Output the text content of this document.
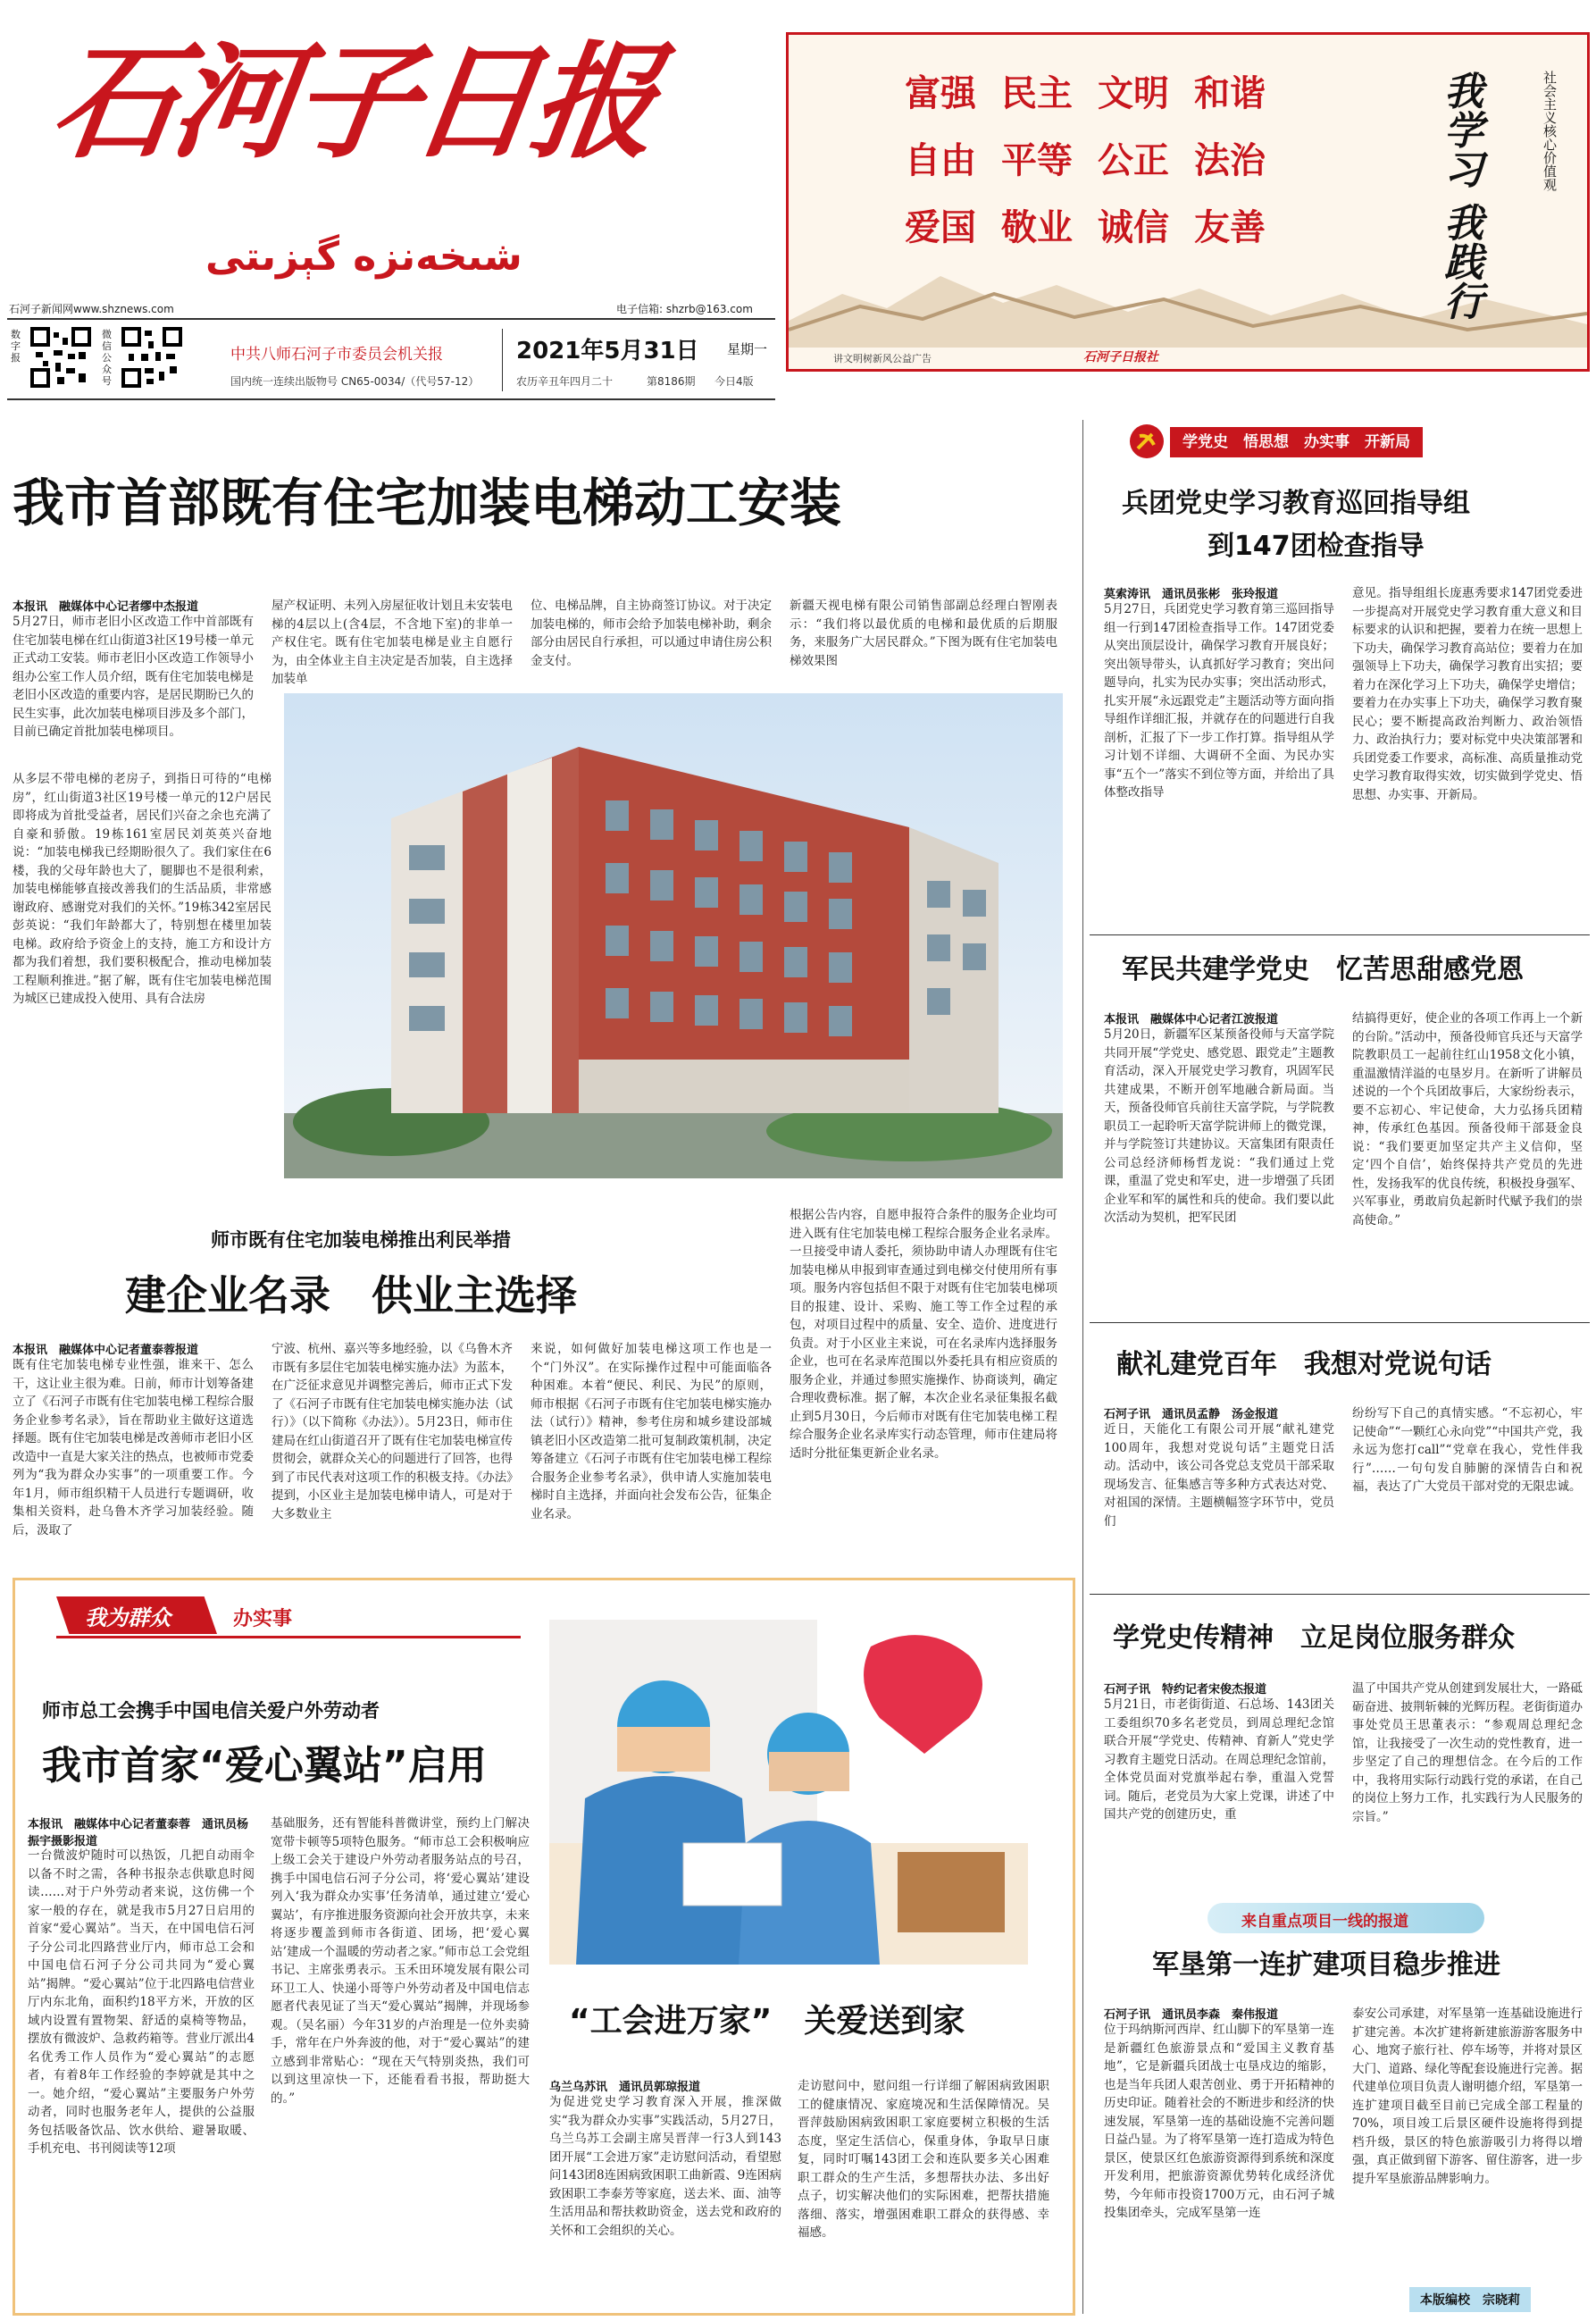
石河子日报
شىخەنزە گېزىتى
石河子新闻网www.shznews.com	电子信箱: shzrb@163.com
数字报
微信公众号
中共八师石河子市委员会机关报
国内统一连续出版物号 CN65-0034/（代号57-12）
2021年5月31日 星期一
农历辛丑年四月二十	第8186期 今日4版
富强 民主 文明 和谐
自由 平等 公正 法治
爱国 敬业 诚信 友善	我学习 我践行	社会主义核心价值观
讲文明树新风公益广告	石河子日报社
我市首部既有住宅加装电梯动工安装
本报讯　融媒体中心记者缪中杰报道
5月27日，师市老旧小区改造工作中首部既有住宅加装电梯在红山街道3社区19号楼一单元正式动工安装。师市老旧小区改造工作领导小组办公室工作人员介绍，既有住宅加装电梯是老旧小区改造的重要内容，是居民期盼已久的民生实事，此次加装电梯项目涉及多个部门，目前已确定首批加装电梯项目。
屋产权证明、未列入房屋征收计划且未安装电梯的4层以上(含4层，不含地下室)的非单一产权住宅。既有住宅加装电梯是业主自愿行为，由全体业主自主决定是否加装，自主选择加装单
位、电梯品牌，自主协商签订协议。对于决定加装电梯的，师市会给予加装电梯补助，剩余部分由居民自行承担，可以通过申请住房公积金支付。
新疆天视电梯有限公司销售部副总经理白智刚表示：“我们将以最优质的电梯和最优质的后期服务，来服务广大居民群众。”下图为既有住宅加装电梯效果图
从多层不带电梯的老房子，到指日可待的“电梯房”，红山街道3社区19号楼一单元的12户居民即将成为首批受益者，居民们兴奋之余也充满了自豪和骄傲。19栋161室居民刘英英兴奋地说：“加装电梯我已经期盼很久了。我们家住在6楼，我的父母年龄也大了，腿脚也不是很利索，加装电梯能够直接改善我们的生活品质，非常感谢政府、感谢党对我们的关怀。”19栋342室居民彭英说：“我们年龄都大了，特别想在楼里加装电梯。政府给予资金上的支持，施工方和设计方都为我们着想，我们要积极配合，推动电梯加装工程顺利推进。”据了解，既有住宅加装电梯范围为城区已建成投入使用、具有合法房
师市既有住宅加装电梯推出利民举措
建企业名录　供业主选择
本报讯　融媒体中心记者董泰蓉报道
既有住宅加装电梯专业性强，谁来干、怎么干，这让业主很为难。日前，师市计划筹备建立了《石河子市既有住宅加装电梯工程综合服务企业参考名录》，旨在帮助业主做好这道选择题。既有住宅加装电梯是改善师市老旧小区改造中一直是大家关注的热点，也被师市党委列为“我为群众办实事”的一项重要工作。今年1月，师市组织精干人员进行专题调研，收集相关资料，赴乌鲁木齐学习加装经验。随后，汲取了
宁波、杭州、嘉兴等多地经验，以《乌鲁木齐市既有多层住宅加装电梯实施办法》为蓝本，在广泛征求意见并调整完善后，师市正式下发了《石河子市既有住宅加装电梯实施办法（试行）》（以下简称《办法》）。5月23日，师市住建局在红山街道召开了既有住宅加装电梯宣传贯彻会，就群众关心的问题进行了回答，也得到了市民代表对这项工作的积极支持。《办法》提到，小区业主是加装电梯申请人，可是对于大多数业主
来说，如何做好加装电梯这项工作也是一个“门外汉”。在实际操作过程中可能面临各种困难。本着“便民、利民、为民”的原则，师市根据《石河子市既有住宅加装电梯实施办法（试行）》精神，参考住房和城乡建设部城镇老旧小区改造第二批可复制政策机制，决定筹备建立《石河子市既有住宅加装电梯工程综合服务企业参考名录》，供申请人实施加装电梯时自主选择，并面向社会发布公告，征集企业名录。
根据公告内容，自愿申报符合条件的服务企业均可进入既有住宅加装电梯工程综合服务企业名录库。一旦接受申请人委托，须协助申请人办理既有住宅加装电梯从申报到审查通过到电梯交付使用所有事项。服务内容包括但不限于对既有住宅加装电梯项目的报建、设计、采购、施工等工作全过程的承包，对项目过程中的质量、安全、造价、进度进行负责。对于小区业主来说，可在名录库内选择服务企业，也可在名录库范围以外委托具有相应资质的服务企业，并通过参照实施操作、协商谈判，确定合理收费标准。据了解，本次企业名录征集报名截止到5月30日，今后师市对既有住宅加装电梯工程综合服务企业名录库实行动态管理，师市住建局将适时分批征集更新企业名录。
学党史　悟思想　办实事　开新局
兵团党史学习教育巡回指导组
到147团检查指导
莫索涛讯　通讯员张彬　张玲报道
5月27日，兵团党史学习教育第三巡回指导组一行到147团检查指导工作。147团党委从突出顶层设计，确保学习教育开展良好；突出领导带头，认真抓好学习教育；突出问题导向，扎实为民办实事；突出活动形式，扎实开展“永远跟党走”主题活动等方面向指导组作详细汇报，并就存在的问题进行自我剖析，汇报了下一步工作打算。指导组从学习计划不详细、大调研不全面、为民办实事“五个一”落实不到位等方面，并给出了具体整改指导
意见。指导组组长庞惠秀要求147团党委进一步提高对开展党史学习教育重大意义和目标要求的认识和把握，要着力在统一思想上下功夫，确保学习教育高站位；要着力在加强领导上下功夫，确保学习教育出实招；要着力在深化学习上下功夫，确保学史增信；要着力在办实事上下功夫，确保学习教育聚民心；要不断提高政治判断力、政治领悟力、政治执行力；要对标党中央决策部署和兵团党委工作要求，高标准、高质量推动党史学习教育取得实效，切实做到学党史、悟思想、办实事、开新局。
军民共建学党史　忆苦思甜感党恩
本报讯　融媒体中心记者江波报道
5月20日，新疆军区某预备役师与天富学院共同开展“学党史、感党恩、跟党走”主题教育活动，深入开展党史学习教育，巩固军民共建成果，不断开创军地融合新局面。当天，预备役师官兵前往天富学院，与学院教职员工一起聆听天富学院讲师上的微党课，并与学院签订共建协议。天富集团有限责任公司总经济师杨哲龙说：“我们通过上党课，重温了党史和军史，进一步增强了兵团企业军和军的属性和兵的使命。我们要以此次活动为契机，把军民团
结搞得更好，使企业的各项工作再上一个新的台阶。”活动中，预备役师官兵还与天富学院教职员工一起前往红山1958文化小镇，重温激情洋溢的屯垦岁月。在新听了讲解员述说的一个个兵团故事后，大家纷纷表示，要不忘初心、牢记使命，大力弘扬兵团精神，传承红色基因。预备役师干部聂金良说：“我们要更加坚定共产主义信仰，坚定‘四个自信’，始终保持共产党员的先进性，发扬我军的优良传统，积极投身强军、兴军事业，勇敢肩负起新时代赋予我们的崇高使命。”
献礼建党百年　我想对党说句话
石河子讯　通讯员孟静　汤金报道
近日，天能化工有限公司开展“献礼建党100周年，我想对党说句话”主题党日活动。活动中，该公司各党总支党员干部采取现场发言、征集感言等多种方式表达对党、对祖国的深情。主题横幅签字环节中，党员们
纷纷写下自己的真情实感。“不忘初心，牢记使命”“一颗红心永向党”“中国共产党，我永远为您打call”“党章在我心，党性伴我行”……一句句发自肺腑的深情告白和祝福，表达了广大党员干部对党的无限忠诚。
学党史传精神　立足岗位服务群众
石河子讯　特约记者宋俊杰报道
5月21日，市老街街道、石总场、143团关工委组织70多名老党员，到周总理纪念馆联合开展“学党史、传精神、育新人”党史学习教育主题党日活动。在周总理纪念馆前，全体党员面对党旗举起右拳，重温入党誓词。随后，老党员为大家上党课，讲述了中国共产党的创建历史，重
温了中国共产党从创建到发展壮大，一路砥砺奋进、披荆斩棘的光辉历程。老街街道办事处党员王思董表示：“参观周总理纪念馆，让我接受了一次生动的党性教育，进一步坚定了自己的理想信念。在今后的工作中，我将用实际行动践行党的承诺，在自己的岗位上努力工作，扎实践行为人民服务的宗旨。”
来自重点项目一线的报道
军垦第一连扩建项目稳步推进
石河子讯　通讯员李森　秦伟报道
位于玛纳斯河西岸、红山脚下的军垦第一连是新疆红色旅游景点和“爱国主义教育基地”，它是新疆兵团战士屯垦戍边的缩影，也是当年兵团人艰苦创业、勇于开拓精神的历史印证。随着社会的不断进步和经济的快速发展，军垦第一连的基础设施不完善问题日益凸显。为了将军垦第一连打造成为特色景区，使景区红色旅游资源得到系统和深度开发利用，把旅游资源优势转化成经济优势，今年师市投资1700万元，由石河子城投集团牵头，完成军垦第一连
泰安公司承建，对军垦第一连基础设施进行扩建完善。本次扩建将新建旅游游客服务中心、地窝子旅行社、停车场等，并将对景区大门、道路、绿化等配套设施进行完善。据代建单位项目负责人谢明德介绍，军垦第一连扩建项目截至目前已完成全部工程量的70%，项目竣工后景区硬件设施将得到提档升级，景区的特色旅游吸引力将得以增强，真正做到留下游客、留住游客，进一步提升军垦旅游品牌影响力。
本版编校　宗晓莉
我为群众	办实事
师市总工会携手中国电信关爱户外劳动者
我市首家“爱心翼站”启用
本报讯　融媒体中心记者董泰蓉　通讯员杨振宇摄影报道
一台微波炉随时可以热饭，几把自动雨伞以备不时之需，各种书报杂志供歇息时阅读……对于户外劳动者来说，这仿佛一个家一般的存在，就是我市5月27日启用的首家“爱心翼站”。当天，在中国电信石河子分公司北四路营业厅内，师市总工会和中国电信石河子分公司共同为“爱心翼站”揭牌。“爱心翼站”位于北四路电信营业厅内东北角，面积约18平方米，开放的区域内设置有置物架、舒适的桌椅等物品，摆放有微波炉、急救药箱等。营业厅派出4名优秀工作人员作为“爱心翼站”的志愿者，有着8年工作经验的李婷就是其中之一。她介绍，“爱心翼站”主要服务户外劳动者，同时也服务老年人，提供的公益服务包括吸备饮品、饮水供给、避暑取暖、手机充电、书刊阅读等12项
基础服务，还有智能科普微讲堂，预约上门解决宽带卡顿等5项特色服务。“师市总工会积极响应上级工会关于建设户外劳动者服务站点的号召，携手中国电信石河子分公司，将‘爱心翼站’建设列入‘我为群众办实事’任务清单，通过建立‘爱心翼站’，有序推进服务资源向社会开放共享，未来将逐步覆盖到师市各街道、团场，把‘爱心翼站’建成一个温暖的劳动者之家。”师市总工会党组书记、主席张勇表示。玉禾田环境发展有限公司环卫工人、快递小哥等户外劳动者及中国电信志愿者代表见证了当天“爱心翼站”揭牌，并现场参观。（吴名丽）今年31岁的卢治理是一位外卖骑手，常年在户外奔波的他，对于“爱心翼站”的建立感到非常贴心：“现在天气特别炎热，我们可以到这里凉快一下，还能看看书报，帮助挺大的。”
“工会进万家”　关爱送到家
乌兰乌苏讯　通讯员郭琼报道
为促进党史学习教育深入开展，推深做实“我为群众办实事”实践活动，5月27日，乌兰乌苏工会副主席吴晋萍一行3人到143团开展“工会进万家”走访慰问活动，看望慰问143团8连困病致困职工曲新霞、9连困病致困职工李泰芳等家庭，送去米、面、油等生活用品和帮扶救助资金，送去党和政府的关怀和工会组织的关心。
走访慰问中，慰问组一行详细了解困病致困职工的健康情况、家庭境况和生活保障情况。吴晋萍鼓励困病致困职工家庭要树立积极的生活态度，坚定生活信心，保重身体，争取早日康复，同时叮嘱143团工会和连队要多关心困难职工群众的生产生活，多想帮扶办法、多出好点子，切实解决他们的实际困难，把帮扶措施落细、落实，增强困难职工群众的获得感、幸福感。
